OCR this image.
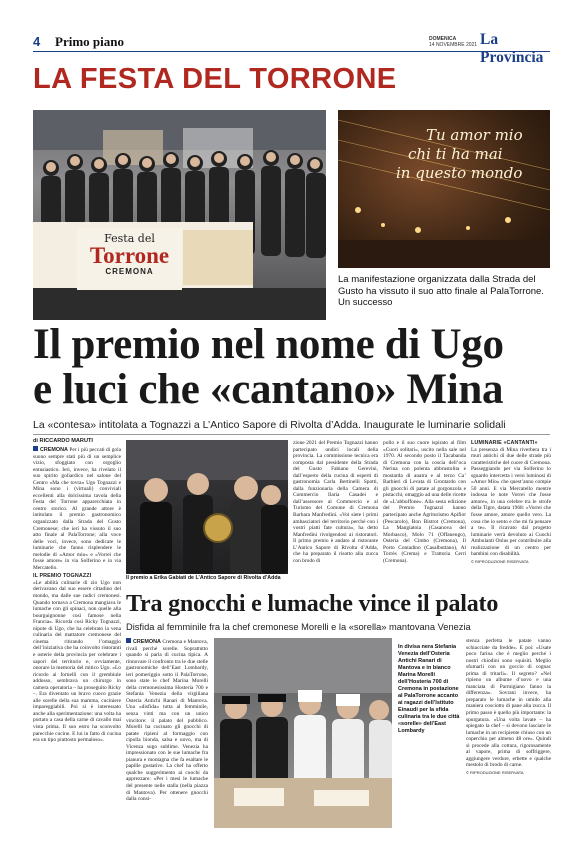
4 Primo piano	DOMENICA
14 NOVEMBRE 2021 La Provincia
LA FESTA DEL TORRONE
Festa del
Torrone
CREMONA
Tu amor mio
chi ti ha mai
in questo mondo
La manifestazione organizzata dalla Strada del Gusto ha vissuto il suo atto finale al PalaTorrone. Un successo
Il premio nel nome di Ugo
e luci che «cantano» Mina
La «contesa» intitolata a Tognazzi a L’Antico Sapore di Rivolta d’Adda. Inaugurate le luminarie solidali
di RICCARDO MARUTI
CREMONA Per i più peccati di gola suono sempre stati più di un semplice vizio, sfoggiato con orgoglio entusiastico. Ieri, invece, ha rivelato il suo spirito goliardico nel salone del Centro «Ma che tovra» Ugo Tognazzi e Mina sono i (virtuali) conviviali eccellenti alla dolcissima tavola della Festa del Torrone apparecchiata in centro storico. Al grande attore è intitolato il premio gastronomico organizzato dalla Strada del Gusto Cremonese; che ieri ha vissuto il suo atto finale al PalaTorrone; alla voce delle voci, invece, sono dedicate le luminarie che fanno risplendere le melodie di «Amor mio» e «Vorrei che fosse amore» in via Solferino e in via Mercatello.
IL PREMIO TOGNAZZI
«Le abilità culinarie di zio Ugo non derivavano dal suo essere cittadino del mondo, ma dalle sue radici cremonesi. Quando tornava a Cremona mangiava le lumache con gli spinaci, non quelle alla bourguignonne così famose nella Francia». Ricorda così Ricky Tognazzi, nipote di Ugo, che ha celebrato la vena culinaria del mattatore cremonese del cinema ritirando l’omaggio dell’iniziativa che ha coinvolto ristoranti e osterie della provincia per celebrare i sapori del territorio e, ovviamente, onorare la memoria del mitico Ugo. «Lo ricordo ai fornelli con il grembiule addosso, sembrava un chirurgo in camera operatoria – ha proseguito Ricky –. Era diventato un bravo cuoco grazie alle sorelle della sua mamma, cuciniere impareggiabili. Poi si è interessato anche alla sperimentazione: una volta ha portato a casa della carne di cavallo mai vista prima. Il suo estro ha sconvolto parecchie cucine. E lui in fatto di cucina era un tipo piuttosto permaloso».
Il premio a Erika Gabiati de L’Antico Sapore di Rivolta d’Adda
zione 2021 del Premio Tognazzi hanno partecipato undici locali della provincia. La commissione tecnica era composta dal presidente della Strada del Gusto Fabiano Gerevini, dall’esperto della cucina di esperti di gastronomia Carla Bertinelli Spotti, dalla funzionaria della Camera di Commercio Ilaria Casadei e dall’assessore al Commercio e al Turismo del Comune di Cremona Barbara Manfredini. «Voi siete i primi ambasciatori del territorio perché con i vostri piatti fate cultura», ha detto Manfredini rivolgendosi ai ristoratori. Il primo premio è andato al ristorante L’Antico Sapore di Rivolta d’Adda, che ha preparato il risotto alla zucca con brodo di
pollo e il suo cuore ispirato al film «Cuori solitari», uscito nella sale nel 1970. Al secondo posto il Tacabanda di Cremona con la coscia dell’oca Nerina con polenta abbrustolita e mostarda di anatra e al terzo Ca’ Barbieri di Levata di Grontardo con gli gnocchi di patate al gorgonzola e pistacchi, omaggio ad una delle ricette de «L’abbuffone». Alla sesta edizione del Premio Tognazzi hanno partecipato anche Agriturismo Apifior (Pescarolo), Bon Bistrot (Cremona), La Mangiatoia (Casanova del Morbasco), Molo 71 (Offanengo), Osteria del Cimbo (Cremona), Il Porto Contadino (Casalbuttano), Al Torrès (Crema) e Trattoria Cerri (Cremona).
LUMINARIE «CANTANTI»
La presenza di Mina riverbera tra i muri antichi di due delle strade più caratteristiche del cuore di Cremona. Passeggiando per via Solferino lo sguardo intercetta i versi luminosi di «Amor Mio» che quest’anno compie 50 anni. E via Mercatello mentre indossa le note Vorrei che fosse amore», in una celebre tra le strofe della Tigre, datata 1968: «Vorrei che fosse amore, amore quello vero. La cosa che io sento e che mi fa pensare a te». Il ricavato dal progetto luminarie verrà devoluto ai Cuochi Ambulanti Onlus per contribuire alla realizzazione di un centro per bambini con disabilità.
© RIPRODUZIONE RISERVATA
Tra gnocchi e lumache vince il palato
Disfida al femminile fra la chef cremonese Morelli e la «sorella» mantovana Venezia
CREMONA Cremona e Mantova, rivali perché sorelle. Soprattutto quando si parla di cucina tipica. A rinnovare il confronto tra le due stelle gastronomiche dell’East Lombardy, ieri pomeriggio sotto il PalaTorrone, sono state le chef Marina Morelli della cremonesissima Hosteria 700 e Stefania Venezia della virgiliana Osteria Antichi Ranari di Mantova. Una «disfida» tutta al femminile, senza vinti ma con un unico vincitore: il palato del pubblico. Morelli ha cucinato gli gnocchi di patate ripieni al formaggio con cipolla bionda, salsa e uovo, ma di Vicenza sugo sublime. Venezia ha impressionato con le sue lumache fra pianura e montagna che fa esaltare le papille gustative. La chef ha offerto qualche suggerimento ai cuochi da apprezzare: «Per i mesi le lumache del presente nelle stalla (nella piazza di Mantova). Per ottenere gnocchi dalla consi-
In divisa nera Stefania Venezia dell’Osteria Antichi Ranari di Mantova e in bianco Marina Morelli dell’Hosteria 700 di Cremona in postazione al PalaTorrone accanto ai ragazzi dell’Istituto Einaudi per la sfida culinaria tra le due città «sorelle» dell’East Lombardy
stenza perfetta le patate vanno schiacciate da fredde». E poi: «Usate poco farina che è meglio perché i nostri chiodini sono squisiti. Meglio sfumarli con un goccio di cognac prima di tritarli». Il segreto? «Nel ripieno un albume d’uovo e una manciata di Parmigiano fanno la differenza». Sovrani invece, ha preparato le lumache in umido alla maniera cosciotto di pane alla zucca. Il primo passo è quello più importante: la spurgatura. «Una volta lavate – ha spiegato la chef – si devono lasciare le lumache in un recipiente chiuso con un coperchio per almeno 48 ore». Quindi si procede alla cottura, rigorosamente al vapore, prima di soffriggere, aggiungere verdure, erbette e qualche mestolo di brodo di carne.
© RIPRODUZIONE RISERVATA
